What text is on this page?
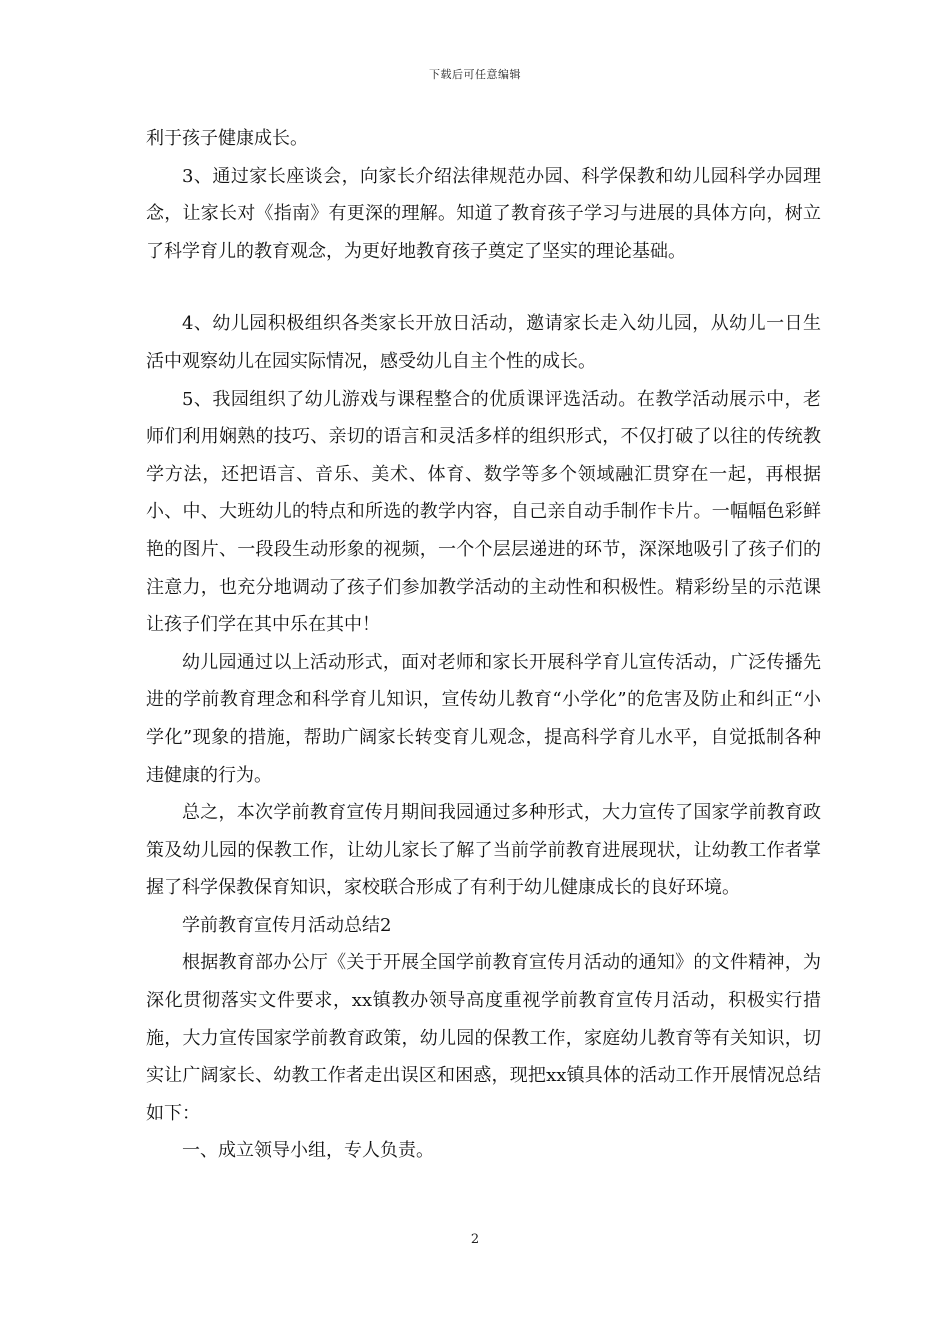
下载后可任意编辑

利于孩子健康成长。

3、通过家长座谈会，向家长介绍法律规范办园、科学保教和幼儿园科学办园理念，让家长对《指南》有更深的理解。知道了教育孩子学习与进展的具体方向，树立了科学育儿的教育观念，为更好地教育孩子奠定了坚实的理论基础。

4、幼儿园积极组织各类家长开放日活动，邀请家长走入幼儿园，从幼儿一日生活中观察幼儿在园实际情况，感受幼儿自主个性的成长。

5、我园组织了幼儿游戏与课程整合的优质课评选活动。在教学活动展示中，老师们利用娴熟的技巧、亲切的语言和灵活多样的组织形式，不仅打破了以往的传统教学方法，还把语言、音乐、美术、体育、数学等多个领域融汇贯穿在一起，再根据小、中、大班幼儿的特点和所选的教学内容，自己亲自动手制作卡片。一幅幅色彩鲜艳的图片、一段段生动形象的视频，一个个层层递进的环节，深深地吸引了孩子们的注意力，也充分地调动了孩子们参加教学活动的主动性和积极性。精彩纷呈的示范课让孩子们学在其中乐在其中！

幼儿园通过以上活动形式，面对老师和家长开展科学育儿宣传活动，广泛传播先进的学前教育理念和科学育儿知识，宣传幼儿教育“小学化”的危害及防止和纠正“小学化”现象的措施，帮助广阔家长转变育儿观念，提高科学育儿水平，自觉抵制各种违健康的行为。

总之，本次学前教育宣传月期间我园通过多种形式，大力宣传了国家学前教育政策及幼儿园的保教工作，让幼儿家长了解了当前学前教育进展现状，让幼教工作者掌握了科学保教保育知识，家校联合形成了有利于幼儿健康成长的良好环境。

学前教育宣传月活动总结2

根据教育部办公厅《关于开展全国学前教育宣传月活动的通知》的文件精神，为深化贯彻落实文件要求，xx镇教办领导高度重视学前教育宣传月活动，积极实行措施，大力宣传国家学前教育政策，幼儿园的保教工作，家庭幼儿教育等有关知识，切实让广阔家长、幼教工作者走出误区和困惑，现把xx镇具体的活动工作开展情况总结如下：

一、成立领导小组，专人负责。

2
